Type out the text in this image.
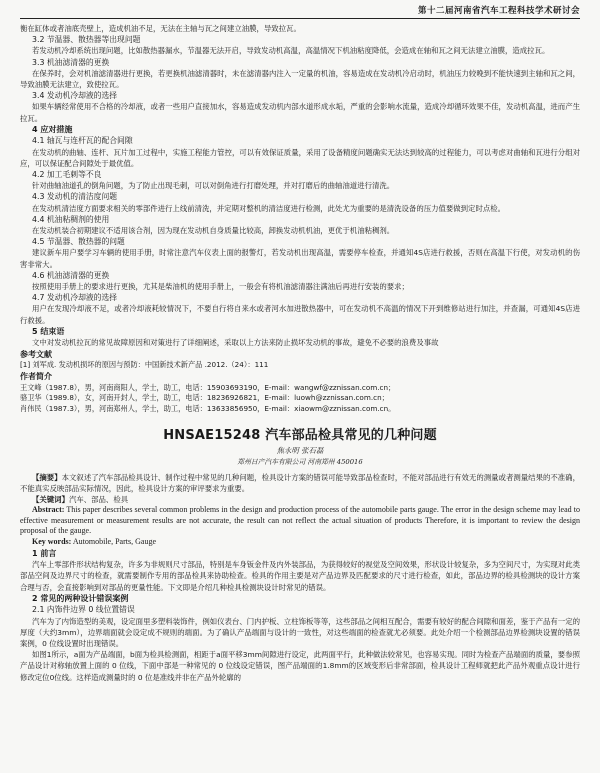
第十二届河南省汽车工程科技学术研讨会

衡在缸体或者油底壳壁上，造成机油不足，无法在主轴与瓦之间建立油膜，导致拉瓦。

3.2 节温器、散热器等出现问题

若发动机冷却系统出现问题，比如散热器漏水，节温器无法开启，导致发动机高温，高温情况下机油粘度降低，会造成在轴和瓦之间无法建立油膜，造成拉瓦。

3.3 机油滤清器的更换

在保养时，会对机油滤清器进行更换，若更换机油滤清器时，未在滤清器内注入一定量的机油，容易造成在发动机冷启动时，机油压力较晚到不能快速到主轴和瓦之间，导致油膜无法建立，致使拉瓦。

3.4 发动机冷却液的选择

如果车辆经常使用不合格的冷却液，或者一些用户直接加水，容易造成发动机内部水道形成水垢，严重的会影响水流量，造成冷却循环效果不佳，发动机高温，进而产生拉瓦。

4 应对措施

4.1 轴瓦与连杆瓦的配合间隙

在发动机的曲轴、连杆、瓦片加工过程中，实施工程能力管控，可以有效保证质量，采用了设备精度问题确实无法达到较高的过程能力，可以考虑对曲轴和瓦进行分组对应，可以保证配合间隙处于最优值。

4.2 加工毛刺等不良

针对曲轴油道孔的倒角问题，为了防止出现毛刺，可以对倒角进行打磨处理，并对打磨后的曲轴油道进行清洗。

4.3 发动机的清洁度问题

在发动机清洁度方面要求相关的零部件进行上线前清洗，并定期对整机的清洁度进行检测，此处尤为重要的是清洗设备的压力值要做到定时点检。

4.4 机油粘稠剂的使用

在发动机装合初期建议不适用该合剂，因为现在发动机自身质量比较高，卸换发动机机油，更优于机油粘稠剂。

4.5 节温器、散热器的问题

建议新车用户要学习车辆的使用手册，时常注意汽车仪表上面的报警灯，若发动机出现高温，需要停车检查，并通知4S店进行救援，否则在高温下行使，对发动机的伤害非常大。

4.6 机油滤清器的更换

按照使用手册上的要求进行更换，尤其是柴油机的使用手册上，一般会有将机油滤清器注满油后再进行安装的要求；

4.7 发动机冷却液的选择

用户在发现冷却液不足，或者冷却液耗较情况下，不要自行将自来水或者河水加进散热器中，可在发动机不高温的情况下开到维修站进行加注，并查漏，可通知4S店进行救援。

5 结束语

文中对发动机拉瓦的常见故障原因和对策进行了详细阐述，采取以上方法来防止损坏发动机的事故，避免不必要的浪费及事故

参考文献

[1] 刘军成. 发动机损坏的原因与预防：中国新技术新产品 .2012.（24）：111

作者简介

王文峰（1987.8），男，河南商阳人，学士，助工，电话：15903693190，E-mail：wangwf@zznissan.com.cn；

骆卫华（1989.8），女，河南开封人，学士，助工，电话：18236926821，E-mail：luowh@zznissan.com.cn；

肖伟民（1987.3），男，河南郑州人，学士，助工，电话：13633856950，E-mail：xiaowm@zznissan.com.cn。

HNSAE15248 汽车部品检具常见的几种问题

焦永明 张石磊

郑州日产汽车有限公司 河南郑州 450016

【摘要】本文叙述了汽车部品检具设计、制作过程中常见的几种问题，检具设计方案的错误可能导致部品检查时，不能对部品进行有效无的测量或者测量结果的不准确，不能真实反映部品实际情况，因此，检具设计方案的审评要求为重要。

【关键词】汽车、部品、检具

Abstract: This paper describes several common problems in the design and production process of the automobile parts gauge. The error in the design scheme may lead to effective measurement or measurement results are not accurate, the result can not reflect the actual situation of products Therefore, it is important to review the design proposal of the gauge.

Key words: Automobile, Parts, Gauge

1 前言

汽车上零部件形状结构复杂，许多为非规则尺寸部品，特别是车身钣金件及内外装部品，为获得较好的视觉及空间效果，形状设计较复杂，多为空间尺寸，为实现对此类部品空间及边界尺寸的检查，就需要制作专用的部品检具来协助检查。检具的作用主要是对产品边界及匹配要求的尺寸进行检查，如此，部品边界的检具检测块的设计方案合理与否，会直接影响到对部品的更量性能。下文即是介绍几种检具检测块设计时常见的错误。

2 常见的两种设计错误案例

2.1 内饰件边界 0 线位置错误

汽车为了内饰造型的美观，设定面里多塑料装饰件，例如仪表台、门内护板、立柱饰板等等，这些部品之间相互配合，需要有较好的配合间隙和面差，鉴于产品有一定的厚度（大约3mm），边界端面就会设定成不规则的端面。为了确认产品端面与设计的一致性，对这些端面的检查就尤必须要。此处介绍一个检测部品边界检测块设置的错误案例，0 位线设置时出现错误。

如图1所示，a面为产品端面，b面为检具检测面，相距于a面平移3mm间隙进行设定，此两面平行，此种做法较常见，也容易实现。同时为检查产品端面的质量，要参照产品设计对称轴放置上面的 0 位线，下面中部是一种常见的 0 位线设定错误，图产品端面的1.8mm的区域变形后非常部面，检具设计工程师就把此产品外观重点设计进行修改定位0位线。这样造成测量时的 0 位是准线并非在产品外轮廓的
